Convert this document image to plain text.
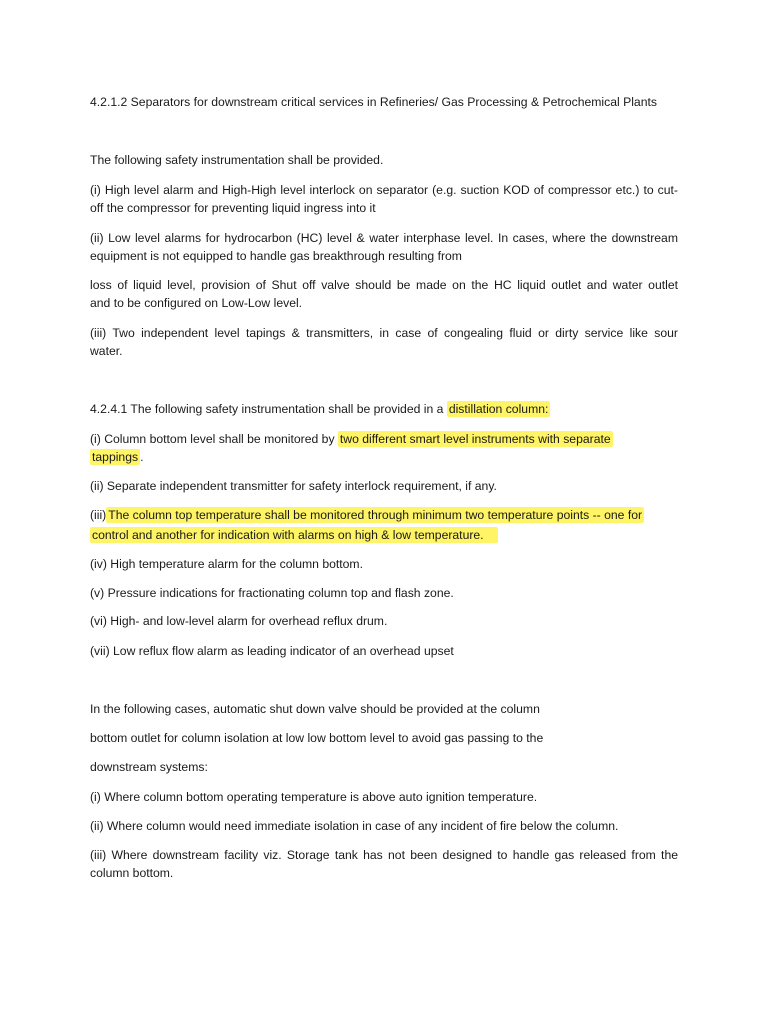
4.2.1.2 Separators for downstream critical services in Refineries/ Gas Processing & Petrochemical Plants
The following safety instrumentation shall be provided.
(i) High level alarm and High-High level interlock on separator (e.g. suction KOD of compressor etc.) to cut-
off the compressor for preventing liquid ingress into it
(ii) Low level alarms for hydrocarbon (HC) level & water interphase level. In cases, where the downstream
equipment is not equipped to handle gas breakthrough resulting from
loss of liquid level, provision of Shut off valve should be made on the HC liquid outlet and water outlet
and to be configured on Low-Low level.
(iii) Two independent level tapings & transmitters, in case of congealing fluid or dirty service like sour
water.
4.2.4.1 The following safety instrumentation shall be provided in a distillation column:
(i) Column bottom level shall be monitored by two different smart level instruments with separate
tappings .
(ii) Separate independent transmitter for safety interlock requirement, if any.
(iii) The column top temperature shall be monitored through minimum two temperature points -- one for
control and another for indication with alarms on high & low temperature.
(iv) High temperature alarm for the column bottom.
(v) Pressure indications for fractionating column top and flash zone.
(vi) High- and low-level alarm for overhead reflux drum.
(vii) Low reflux flow alarm as leading indicator of an overhead upset
In the following cases, automatic shut down valve should be provided at the column
bottom outlet for column isolation at low low bottom level to avoid gas passing to the
downstream systems:
(i) Where column bottom operating temperature is above auto ignition temperature.
(ii) Where column would need immediate isolation in case of any incident of fire below the column.
(iii) Where downstream facility viz. Storage tank has not been designed to handle gas released from the
column bottom.
